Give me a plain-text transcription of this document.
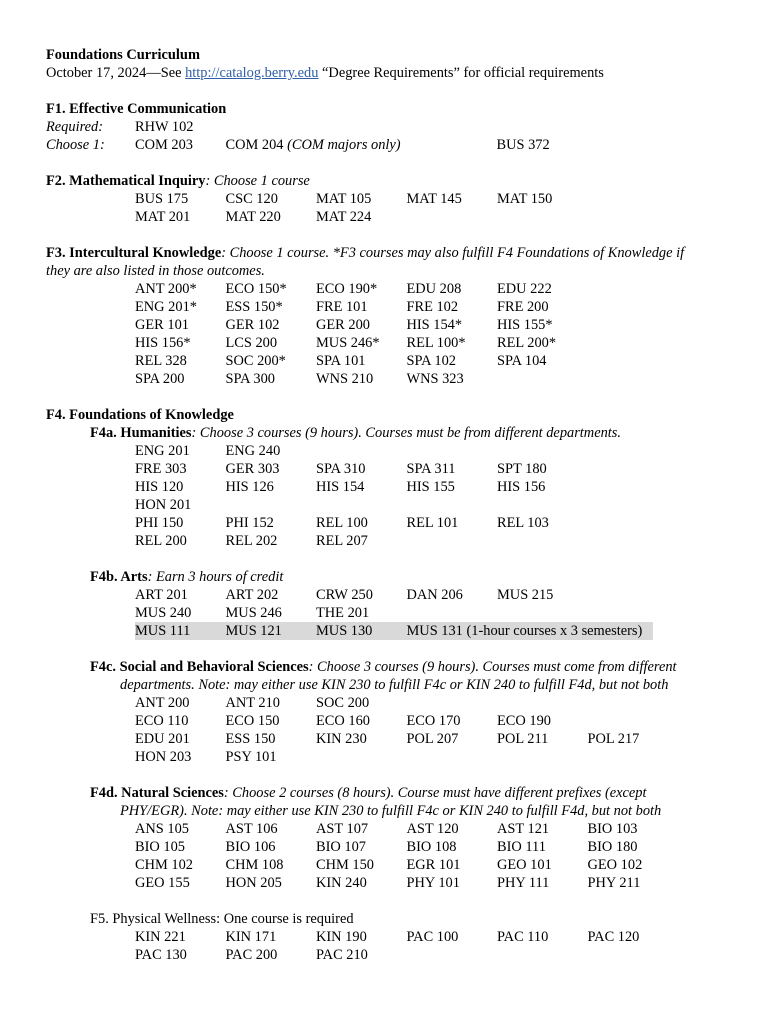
Foundations Curriculum
October 17, 2024—See http://catalog.berry.edu “Degree Requirements” for official requirements
F1. Effective Communication
Required:	RHW 102
Choose 1:	COM 203	COM 204 (COM majors only)	BUS 372
F2. Mathematical Inquiry: Choose 1 course
BUS 175	CSC 120	MAT 105	MAT 145	MAT 150
MAT 201	MAT 220	MAT 224
F3. Intercultural Knowledge: Choose 1 course. *F3 courses may also fulfill F4 Foundations of Knowledge if
they are also listed in those outcomes.
ANT 200*	ECO 150*	ECO 190*	EDU 208	EDU 222
ENG 201*	ESS 150*	FRE 101	FRE 102	FRE 200
GER 101	GER 102	GER 200	HIS 154*	HIS 155*
HIS 156*	LCS 200	MUS 246*	REL 100*	REL 200*
REL 328	SOC 200*	SPA 101	SPA 102	SPA 104
SPA 200	SPA 300	WNS 210	WNS 323
F4. Foundations of Knowledge
F4a. Humanities: Choose 3 courses (9 hours). Courses must be from different departments.
ENG 201	ENG 240
FRE 303	GER 303	SPA 310	SPA 311	SPT 180
HIS 120	HIS 126	HIS 154	HIS 155	HIS 156
HON 201
PHI 150	PHI 152	REL 100	REL 101	REL 103
REL 200	REL 202	REL 207
F4b. Arts: Earn 3 hours of credit
ART 201	ART 202	CRW 250	DAN 206	MUS 215
MUS 240	MUS 246	THE 201
MUS 111	MUS 121	MUS 130	MUS 131 (1-hour courses x 3 semesters)
F4c. Social and Behavioral Sciences: Choose 3 courses (9 hours). Courses must come from different
departments. Note: may either use KIN 230 to fulfill F4c or KIN 240 to fulfill F4d, but not both
ANT 200	ANT 210	SOC 200
ECO 110	ECO 150	ECO 160	ECO 170	ECO 190
EDU 201	ESS 150	KIN 230	POL 207	POL 211	POL 217
HON 203	PSY 101
F4d. Natural Sciences: Choose 2 courses (8 hours). Course must have different prefixes (except
PHY/EGR). Note: may either use KIN 230 to fulfill F4c or KIN 240 to fulfill F4d, but not both
ANS 105	AST 106	AST 107	AST 120	AST 121	BIO 103
BIO 105	BIO 106	BIO 107	BIO 108	BIO 111	BIO 180
CHM 102	CHM 108	CHM 150	EGR 101	GEO 101	GEO 102
GEO 155	HON 205	KIN 240	PHY 101	PHY 111	PHY 211
F5. Physical Wellness: One course is required
KIN 221	KIN 171	KIN 190	PAC 100	PAC 110	PAC 120
PAC 130	PAC 200	PAC 210
